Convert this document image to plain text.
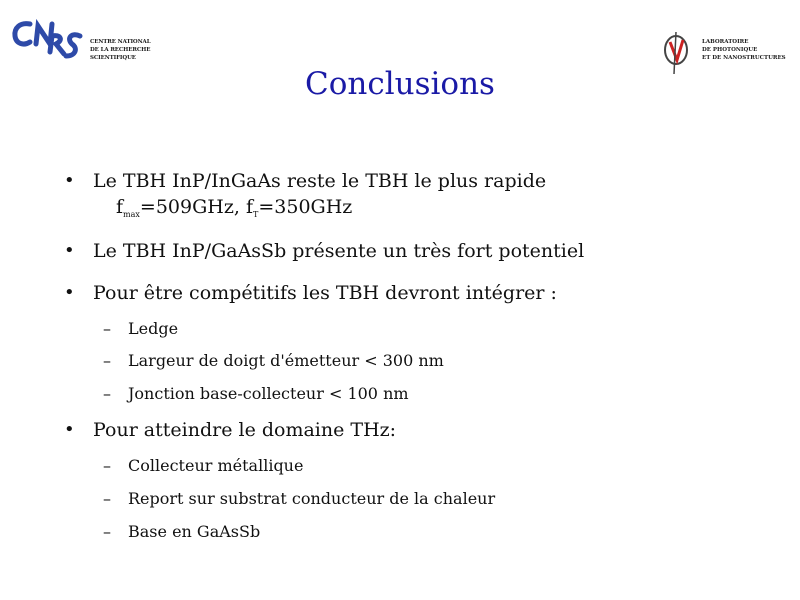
CENTRE NATIONAL
DE LA RECHERCHE
SCIENTIFIQUE
LABORATOIRE
DE PHOTONIQUE
ET DE NANOSTRUCTURES
Conclusions
• Le TBH InP/InGaAs reste le TBH le plus rapide
$f_{max}=509GHz$, $f_T=350GHz$
• Le TBH InP/GaAsSb présente un très fort potentiel
• Pour être compétitifs les TBH devront intégrer :
– Ledge
– Largeur de doigt d'émetteur < 300 nm
– Jonction base-collecteur < 100 nm
• Pour atteindre le domaine THz:
– Collecteur métallique
– Report sur substrat conducteur de la chaleur
– Base en GaAsSb
